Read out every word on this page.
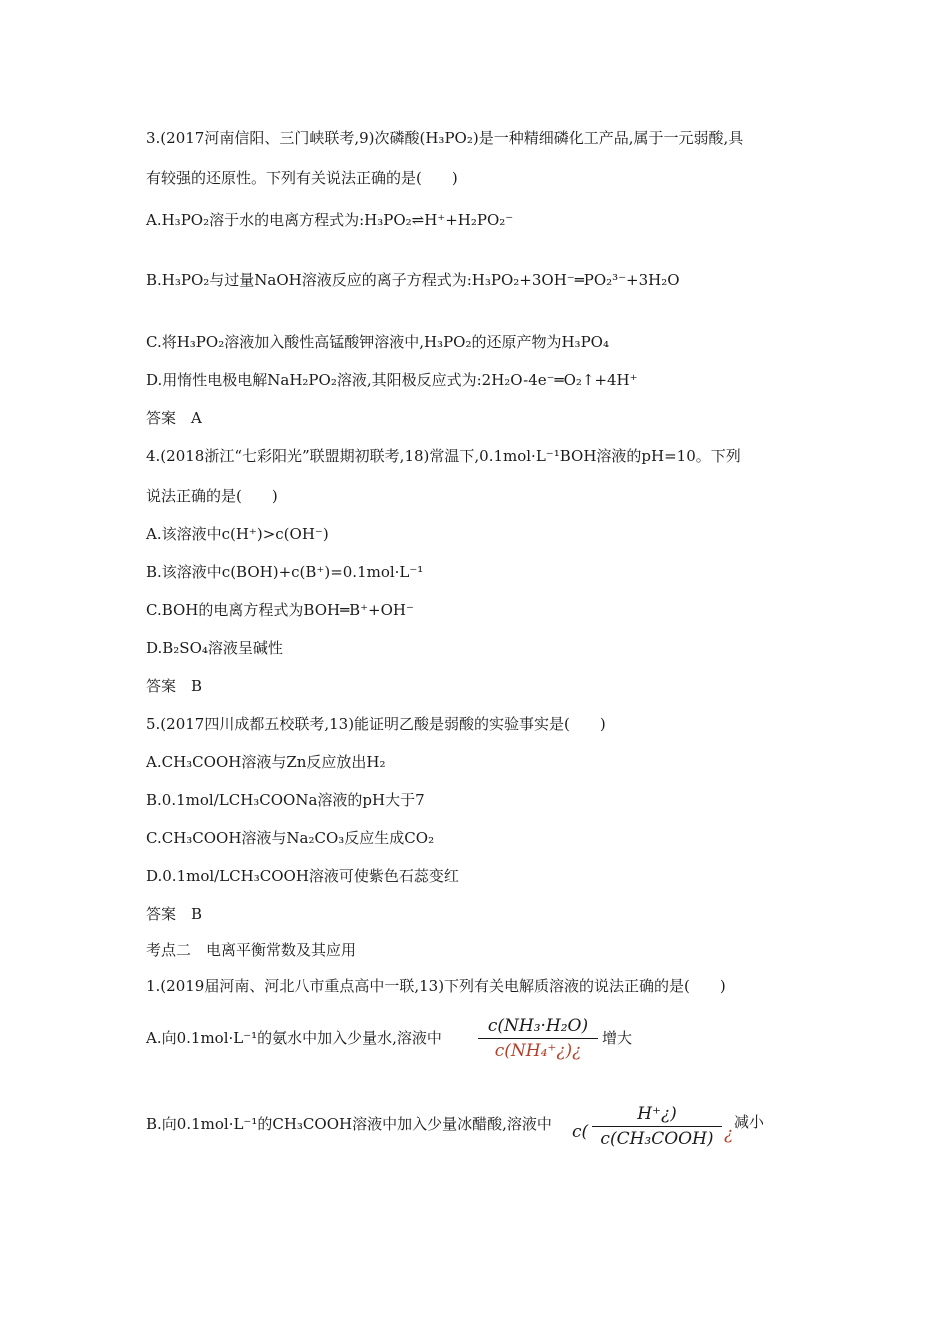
3.(2017河南信阳、三门峡联考,9)次磷酸(H₃PO₂)是一种精细磷化工产品,属于一元弱酸,具
有较强的还原性。下列有关说法正确的是(　　)
A.H₃PO₂溶于水的电离方程式为:H₃PO₂⇌H⁺+H₂PO₂⁻
B.H₃PO₂与过量NaOH溶液反应的离子方程式为:H₃PO₂+3OH⁻═PO₂³⁻+3H₂O
C.将H₃PO₂溶液加入酸性高锰酸钾溶液中,H₃PO₂的还原产物为H₃PO₄
D.用惰性电极电解NaH₂PO₂溶液,其阳极反应式为:2H₂O-4e⁻═O₂↑+4H⁺
答案　A
4.(2018浙江“七彩阳光”联盟期初联考,18)常温下,0.1mol·L⁻¹BOH溶液的pH=10。下列
说法正确的是(　　)
A.该溶液中c(H⁺)>c(OH⁻)
B.该溶液中c(BOH)+c(B⁺)=0.1mol·L⁻¹
C.BOH的电离方程式为BOH═B⁺+OH⁻
D.B₂SO₄溶液呈碱性
答案　B
5.(2017四川成都五校联考,13)能证明乙酸是弱酸的实验事实是(　　)
A.CH₃COOH溶液与Zn反应放出H₂
B.0.1mol/LCH₃COONa溶液的pH大于7
C.CH₃COOH溶液与Na₂CO₃反应生成CO₂
D.0.1mol/LCH₃COOH溶液可使紫色石蕊变红
答案　B
考点二　电离平衡常数及其应用
1.(2019届河南、河北八市重点高中一联,13)下列有关电解质溶液的说法正确的是(　　)
A.向0.1mol·L⁻¹的氨水中加入少量水,溶液中
c(NH₃·H₂O)
c(NH₄⁺¿)¿
增大
B.向0.1mol·L⁻¹的CH₃COOH溶液中加入少量冰醋酸,溶液中 c(
H⁺¿)
c(CH₃COOH) ¿
减小
